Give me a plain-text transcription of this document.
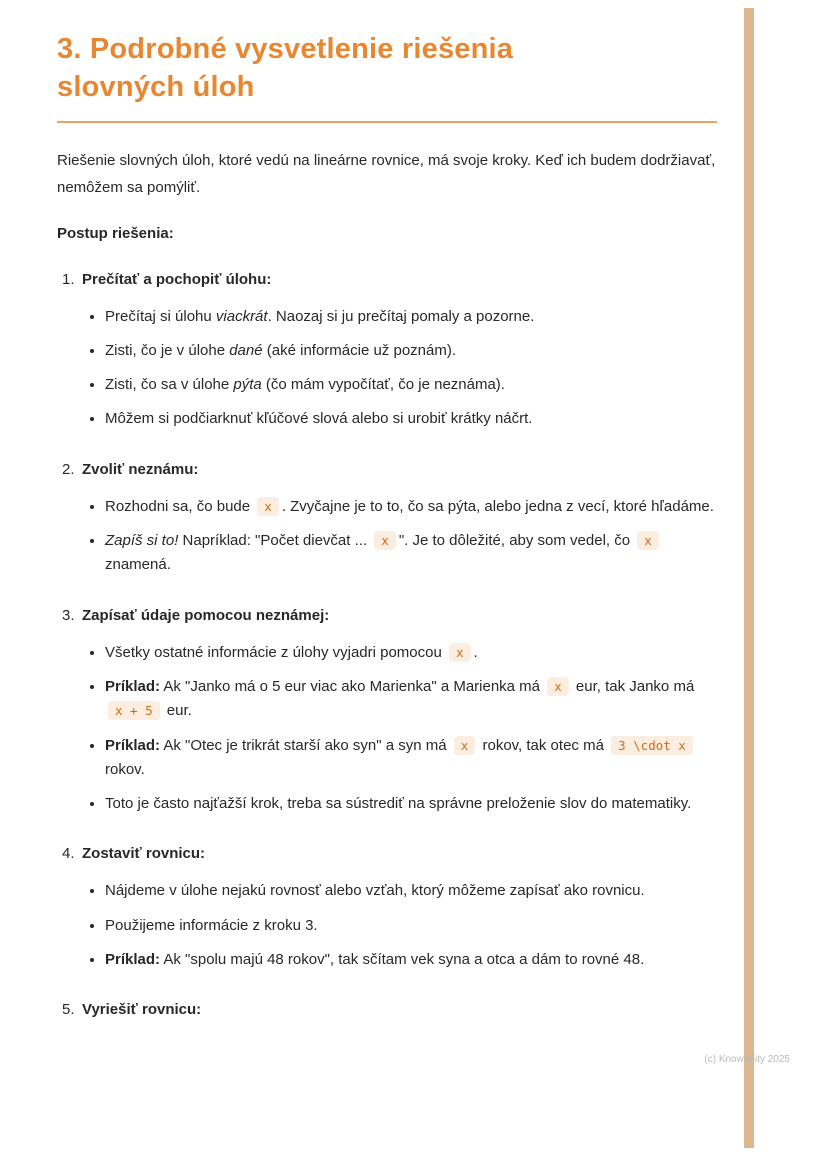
3. Podrobné vysvetlenie riešenia slovných úloh

Riešenie slovných úloh, ktoré vedú na lineárne rovnice, má svoje kroky. Keď ich budem dodržiavať, nemôžem sa pomýliť.

Postup riešenia:

1. Prečítať a pochopiť úlohu:
• Prečítaj si úlohu viackrát. Naozaj si ju prečítaj pomaly a pozorne.
• Zisti, čo je v úlohe dané (aké informácie už poznám).
• Zisti, čo sa v úlohe pýta (čo mám vypočítať, čo je neznáma).
• Môžem si podčiarknuť kľúčové slová alebo si urobiť krátky náčrt.
2. Zvoliť neznámu:
• Rozhodni sa, čo bude x . Zvyčajne je to to, čo sa pýta, alebo jedna z vecí, ktoré hľadáme.
• Zapíš si to! Napríklad: "Počet dievčat ... x ". Je to dôležité, aby som vedel, čo x znamená.
3. Zapísať údaje pomocou neznámej:
• Všetky ostatné informácie z úlohy vyjadri pomocou x .
• Príklad: Ak "Janko má o 5 eur viac ako Marienka" a Marienka má x eur, tak Janko má x + 5 eur.
• Príklad: Ak "Otec je trikrát starší ako syn" a syn má x rokov, tak otec má 3 \cdot x rokov.
• Toto je často najťažší krok, treba sa sústrediť na správne preloženie slov do matematiky.
4. Zostaviť rovnicu:
• Nájdeme v úlohe nejakú rovnosť alebo vzťah, ktorý môžeme zapísať ako rovnicu.
• Použijeme informácie z kroku 3.
• Príklad: Ak "spolu majú 48 rokov", tak sčítam vek syna a otca a dám to rovné 48.
5. Vyriešiť rovnicu:
(c) Knowunity 2025
